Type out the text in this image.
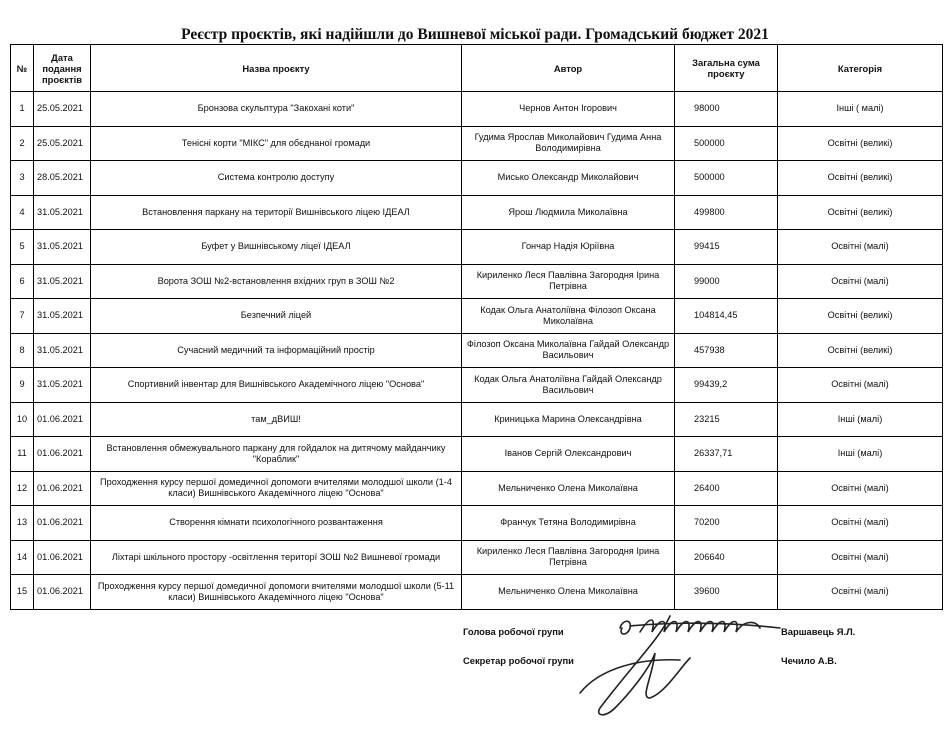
Реєстр проєктів, які надійшли до Вишневої міської ради. Громадський бюджет 2021
№	Дата подання проєктів	Назва проєкту	Автор	Загальна сума проєкту	Категорія
1	25.05.2021	Бронзова скульптура "Закохані коти"	Чернов Антон Ігорович	98000	Інші ( малі)
2	25.05.2021	Тенісні корти "МІКС" для обєднаної громади	Гудима Ярослав Миколайович Гудима Анна Володимирівна	500000	Освітні (великі)
3	28.05.2021	Система контролю доступу	Мисько Олександр Миколайович	500000	Освітні (великі)
4	31.05.2021	Встановлення паркану на території Вишнівського ліцею ІДЕАЛ	Ярош Людмила Миколаївна	499800	Освітні (великі)
5	31.05.2021	Буфет у Вишнівському ліцеї ІДЕАЛ	Гончар Надія Юріївна	99415	Освітні (малі)
6	31.05.2021	Ворота ЗОШ №2-встановлення вхідних груп в ЗОШ №2	Кириленко Леся Павлівна Загородня Ірина Петрівна	99000	Освітні (малі)
7	31.05.2021	Безпечний ліцей	Кодак Ольга Анатоліївна Філозоп Оксана Миколаївна	104814,45	Освітні (великі)
8	31.05.2021	Сучасний медичний та інформаційний простір	Філозоп Оксана Миколаївна Гайдай Олександр Васильович	457938	Освітні (великі)
9	31.05.2021	Спортивний інвентар для Вишнівського Академічного ліцею "Основа"	Кодак Ольга Анатоліївна Гайдай Олександр Васильович	99439,2	Освітні (малі)
10	01.06.2021	там_дВИШ!	Криницька Марина Олександрівна	23215	Інші (малі)
11	01.06.2021	Встановлення обмежувального паркану для гойдалок на дитячому майданчику "Кораблик"	Іванов Сергій Олександрович	26337,71	Інші (малі)
12	01.06.2021	Проходження курсу першої домедичної допомоги вчителями молодшої школи (1-4 класи) Вишнівського Академічного ліцею "Основа"	Мельниченко Олена Миколаївна	26400	Освітні (малі)
13	01.06.2021	Створення кімнати психологічного розвантаження	Франчук Тетяна Володимирівна	70200	Освітні (малі)
14	01.06.2021	Ліхтарі шкільного простору -освітлення територї ЗОШ №2 Вишневої громади	Кириленко Леся Павлівна Загородня Ірина Петрівна	206640	Освітні (малі)
15	01.06.2021	Проходження курсу першої домедичної допомоги вчителями молодшої школи (5-11 класи) Вишнівського Академічного ліцею "Основа"	Мельниченко Олена Миколаївна	39600	Освітні (малі)
Голова робочої групи	Варшавець Я.Л.
Секретар робочої групи	Чечило А.В.
